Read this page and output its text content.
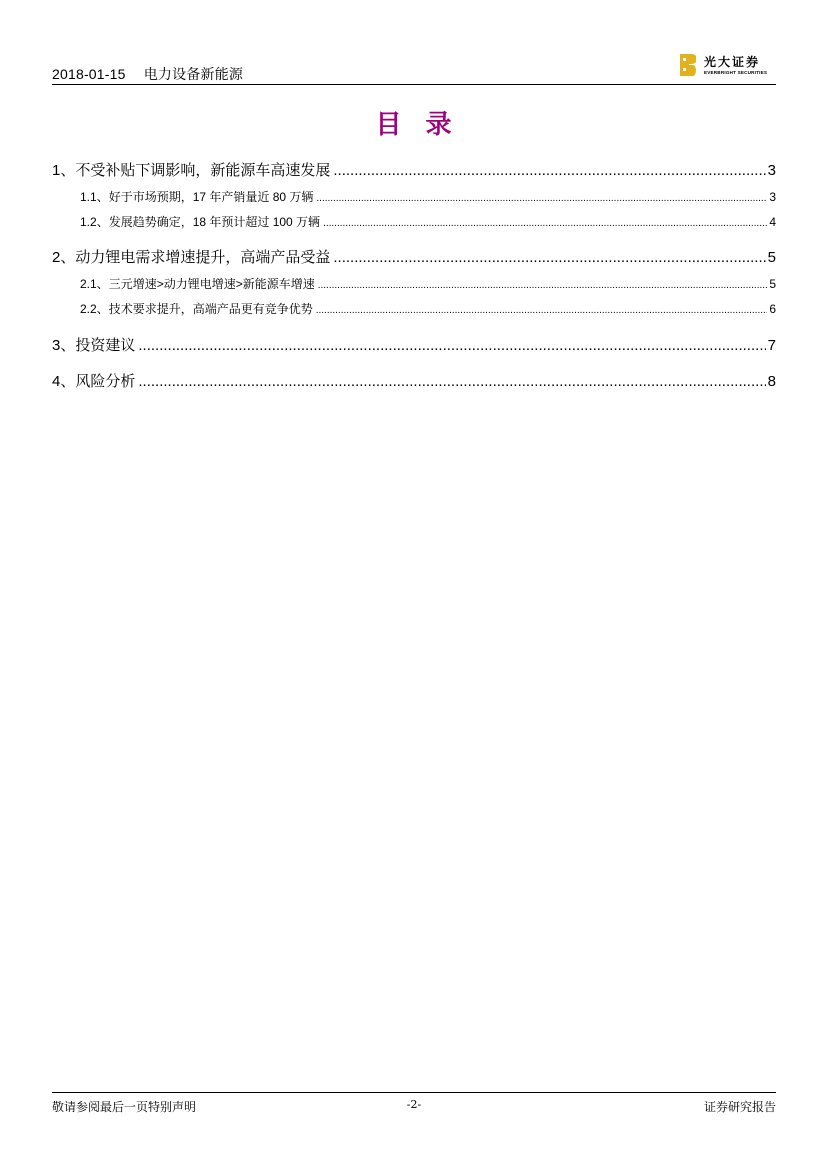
2018-01-15 电力设备新能源
光大证券
EVERBRIGHT SECURITIES
目录
1、 不受补贴下调影响，新能源车高速发展 .....	3
1.1、 好于市场预期，17 年产销量近 80 万辆 .....	3
1.2、 发展趋势确定，18 年预计超过 100 万辆 .....	4
2、 动力锂电需求增速提升，高端产品受益 .....	5
2.1、 三元增速>动力锂电增速>新能源车增速 .....	5
2.2、 技术要求提升，高端产品更有竞争优势 .....	6
3、 投资建议 .....	7
4、 风险分析 .....	8
敬请参阅最后一页特别声明	-2-	证券研究报告
